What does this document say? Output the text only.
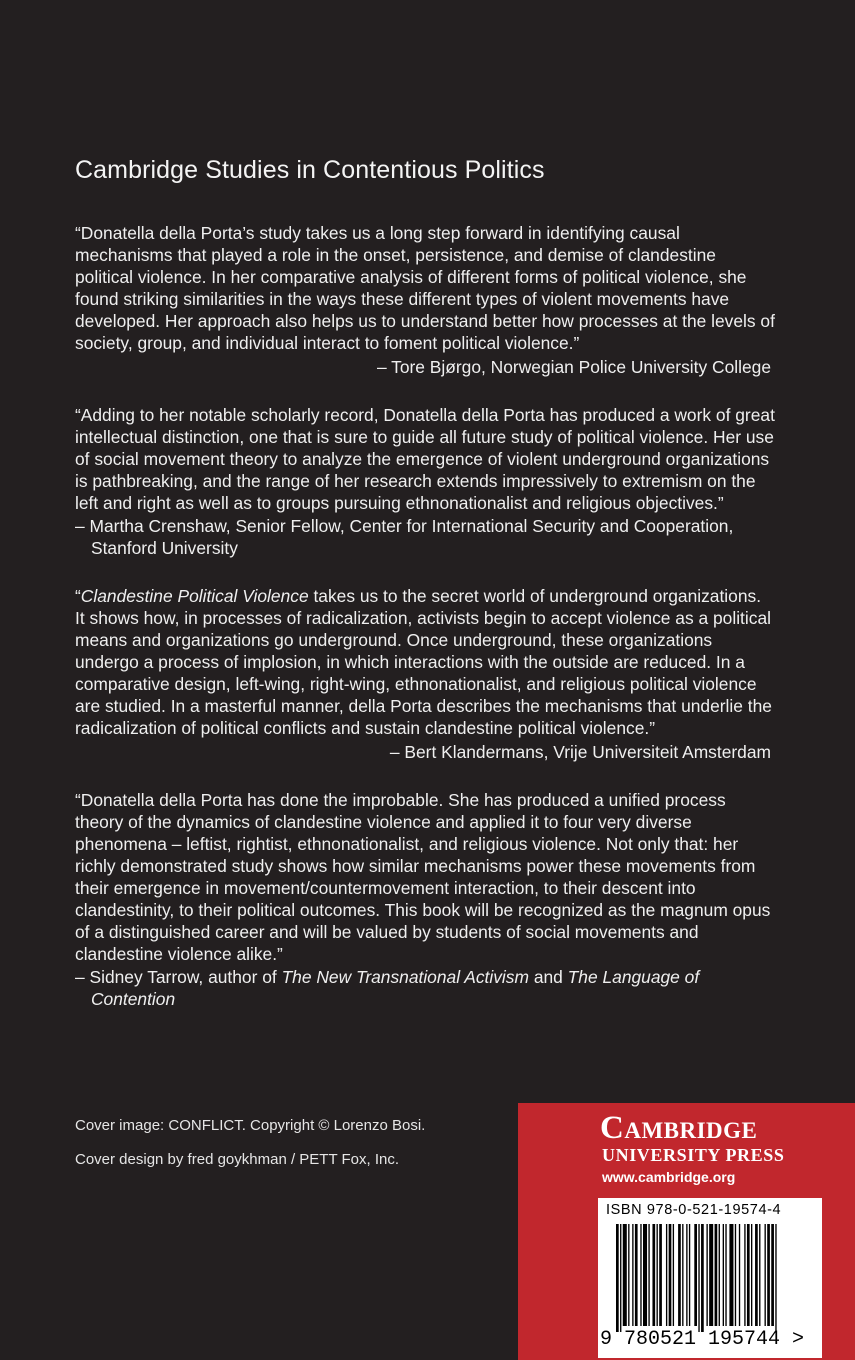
Cambridge Studies in Contentious Politics

“Donatella della Porta’s study takes us a long step forward in identifying causal mechanisms that played a role in the onset, persistence, and demise of clandestine political violence. In her comparative analysis of different forms of political violence, she found striking similarities in the ways these different types of violent movements have developed. Her approach also helps us to understand better how processes at the levels of society, group, and individual interact to foment political violence.”

– Tore Bjørgo, Norwegian Police University College

“Adding to her notable scholarly record, Donatella della Porta has produced a work of great intellectual distinction, one that is sure to guide all future study of political violence. Her use of social movement theory to analyze the emergence of violent underground organizations is pathbreaking, and the range of her research extends impressively to extremism on the left and right as well as to groups pursuing ethnonationalist and religious objectives.”

– Martha Crenshaw, Senior Fellow, Center for International Security and Cooperation, Stanford University

“Clandestine Political Violence takes us to the secret world of underground organizations. It shows how, in processes of radicalization, activists begin to accept violence as a political means and organizations go underground. Once underground, these organizations undergo a process of implosion, in which interactions with the outside are reduced. In a comparative design, left-wing, right-wing, ethnonationalist, and religious political violence are studied. In a masterful manner, della Porta describes the mechanisms that underlie the radicalization of political conflicts and sustain clandestine political violence.”

– Bert Klandermans, Vrije Universiteit Amsterdam

“Donatella della Porta has done the improbable. She has produced a unified process theory of the dynamics of clandestine violence and applied it to four very diverse phenomena – leftist, rightist, ethnonationalist, and religious violence. Not only that: her richly demonstrated study shows how similar mechanisms power these movements from their emergence in movement/countermovement interaction, to their descent into clandestinity, to their political outcomes. This book will be recognized as the magnum opus of a distinguished career and will be valued by students of social movements and clandestine violence alike.”

– Sidney Tarrow, author of The New Transnational Activism and The Language of Contention
Cover image: CONFLICT. Copyright © Lorenzo Bosi.
Cover design by fred goykhman / PETT Fox, Inc.
Cambridge
UNIVERSITY PRESS
www.cambridge.org
ISBN 978-0-521-19574-4
9 780521 195744 >
